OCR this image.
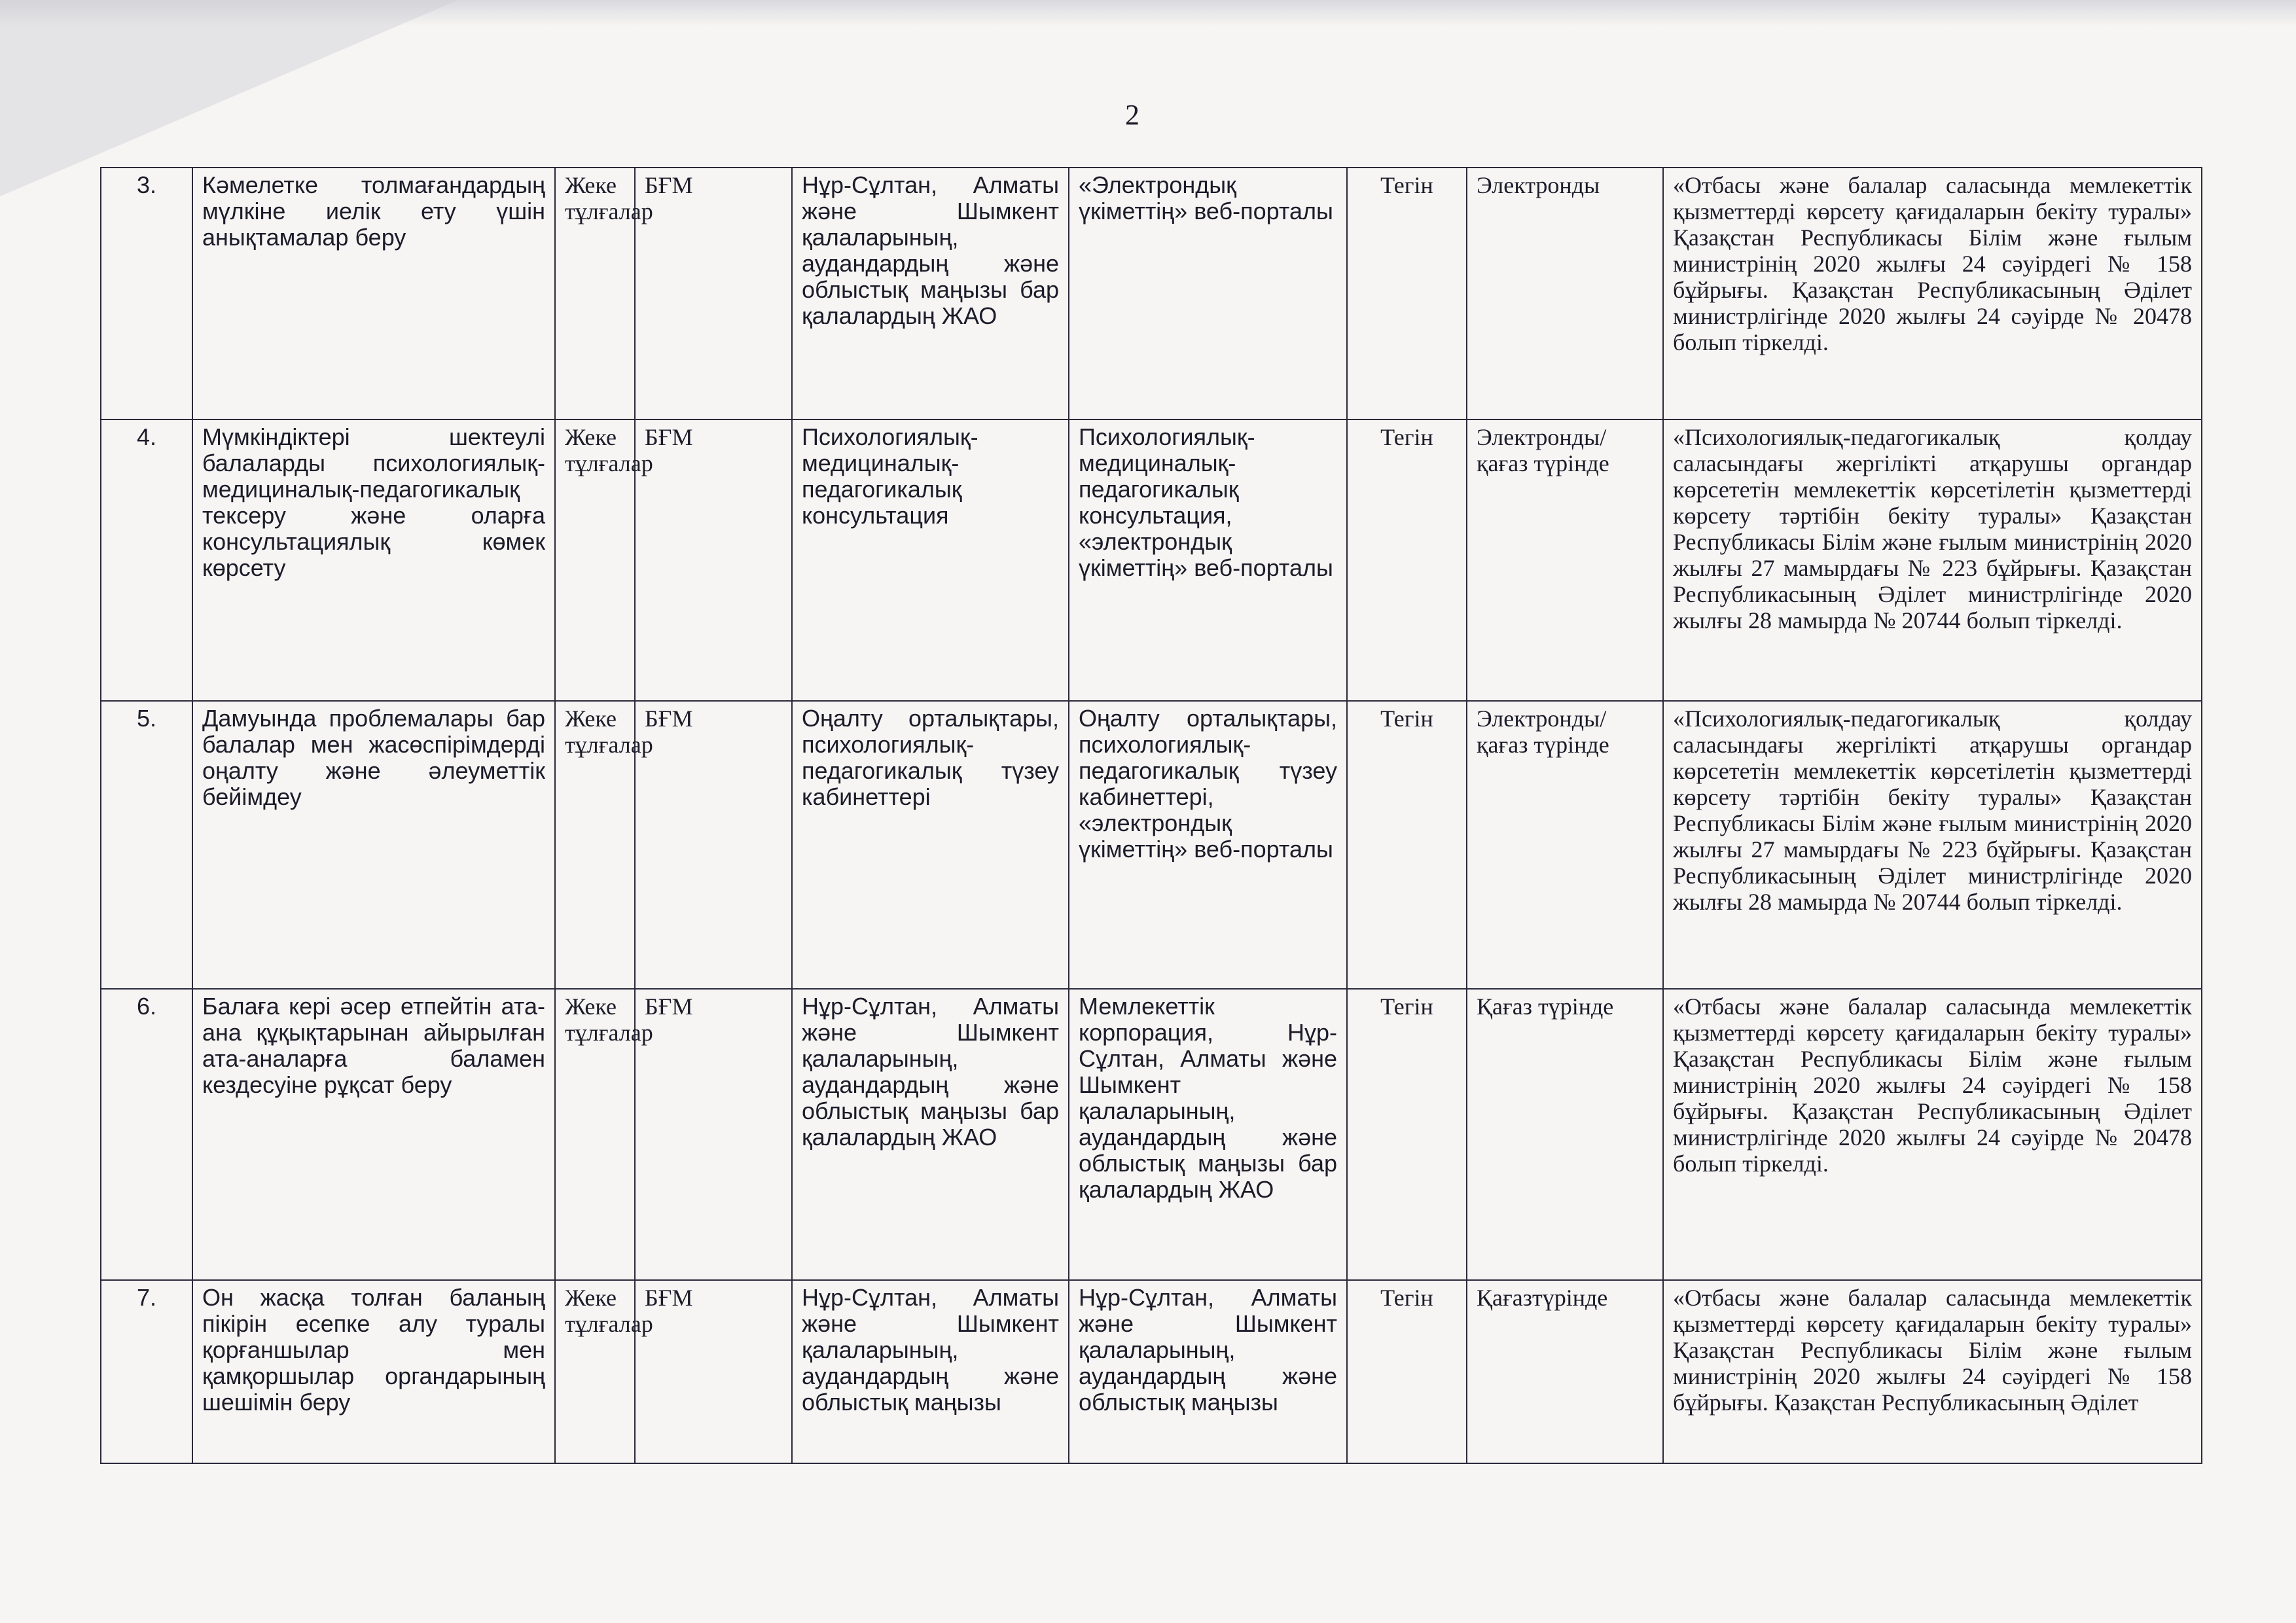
2
3.	Кәмелетке толмағандардың мүлкіне иелік ету үшін анықтамалар беру	Жеке тұлғалар	БҒМ	Нұр-Сұлтан, Алматы және Шымкент қалаларының, аудандардың және облыстық маңызы бар қалалардың ЖАО	«Электрондық үкіметтің» веб-порталы	Тегін	Электронды	«Отбасы және балалар саласында мемлекеттік қызметтерді көрсету қағидаларын бекіту туралы» Қазақстан Республикасы Білім және ғылым министрінің 2020 жылғы 24 сәуірдегі № 158 бұйрығы. Қазақстан Республикасының Әділет министрлігінде 2020 жылғы 24 сәуірде № 20478 болып тіркелді.
4.	Мүмкіндіктері шектеулі балаларды психологиялық-медициналық-педагогикалық тексеру және оларға консультациялық көмек көрсету	Жеке тұлғалар	БҒМ	Психологиялық-медициналық-педагогикалық консультация	Психологиялық-медициналық-педагогикалық консультация, «электрондық үкіметтің» веб-порталы	Тегін	Электронды/ қағаз түрінде	«Психологиялық-педагогикалық қолдау саласындағы жергілікті атқарушы органдар көрсететін мемлекеттік көрсетілетін қызметтерді көрсету тәртібін бекіту туралы» Қазақстан Республикасы Білім және ғылым министрінің 2020 жылғы 27 мамырдағы № 223 бұйрығы. Қазақстан Республикасының Әділет министрлігінде 2020 жылғы 28 мамырда № 20744 болып тіркелді.
5.	Дамуында проблемалары бар балалар мен жасөспірімдерді оңалту және әлеуметтік бейімдеу	Жеке тұлғалар	БҒМ	Оңалту орталықтары, психологиялық-педагогикалық түзеу кабинеттері	Оңалту орталықтары, психологиялық-педагогикалық түзеу кабинеттері, «электрондық үкіметтің» веб-порталы	Тегін	Электронды/ қағаз түрінде	«Психологиялық-педагогикалық қолдау саласындағы жергілікті атқарушы органдар көрсететін мемлекеттік көрсетілетін қызметтерді көрсету тәртібін бекіту туралы» Қазақстан Республикасы Білім және ғылым министрінің 2020 жылғы 27 мамырдағы № 223 бұйрығы. Қазақстан Республикасының Әділет министрлігінде 2020 жылғы 28 мамырда № 20744 болып тіркелді.
6.	Балаға кері әсер етпейтін ата-ана құқықтарынан айырылған ата-аналарға баламен кездесуіне рұқсат беру	Жеке тұлғалар	БҒМ	Нұр-Сұлтан, Алматы және Шымкент қалаларының, аудандардың және облыстық маңызы бар қалалардың ЖАО	Мемлекеттік корпорация, Нұр-Сұлтан, Алматы және Шымкент қалаларының, аудандардың және облыстық маңызы бар қалалардың ЖАО	Тегін	Қағаз түрінде	«Отбасы және балалар саласында мемлекеттік қызметтерді көрсету қағидаларын бекіту туралы» Қазақстан Республикасы Білім және ғылым министрінің 2020 жылғы 24 сәуірдегі № 158 бұйрығы. Қазақстан Республикасының Әділет министрлігінде 2020 жылғы 24 сәуірде № 20478 болып тіркелді.
7.	Он жасқа толған баланың пікірін есепке алу туралы қорғаншылар мен қамқоршылар органдарының шешімін беру	Жеке тұлғалар	БҒМ	Нұр-Сұлтан, Алматы және Шымкент қалаларының, аудандардың және облыстық маңызы	Нұр-Сұлтан, Алматы және Шымкент қалаларының, аудандардың және облыстық маңызы	Тегін	Қағазтүрінде	«Отбасы және балалар саласында мемлекеттік қызметтерді көрсету қағидаларын бекіту туралы» Қазақстан Республикасы Білім және ғылым министрінің 2020 жылғы 24 сәуірдегі № 158 бұйрығы. Қазақстан Республикасының Әділет
